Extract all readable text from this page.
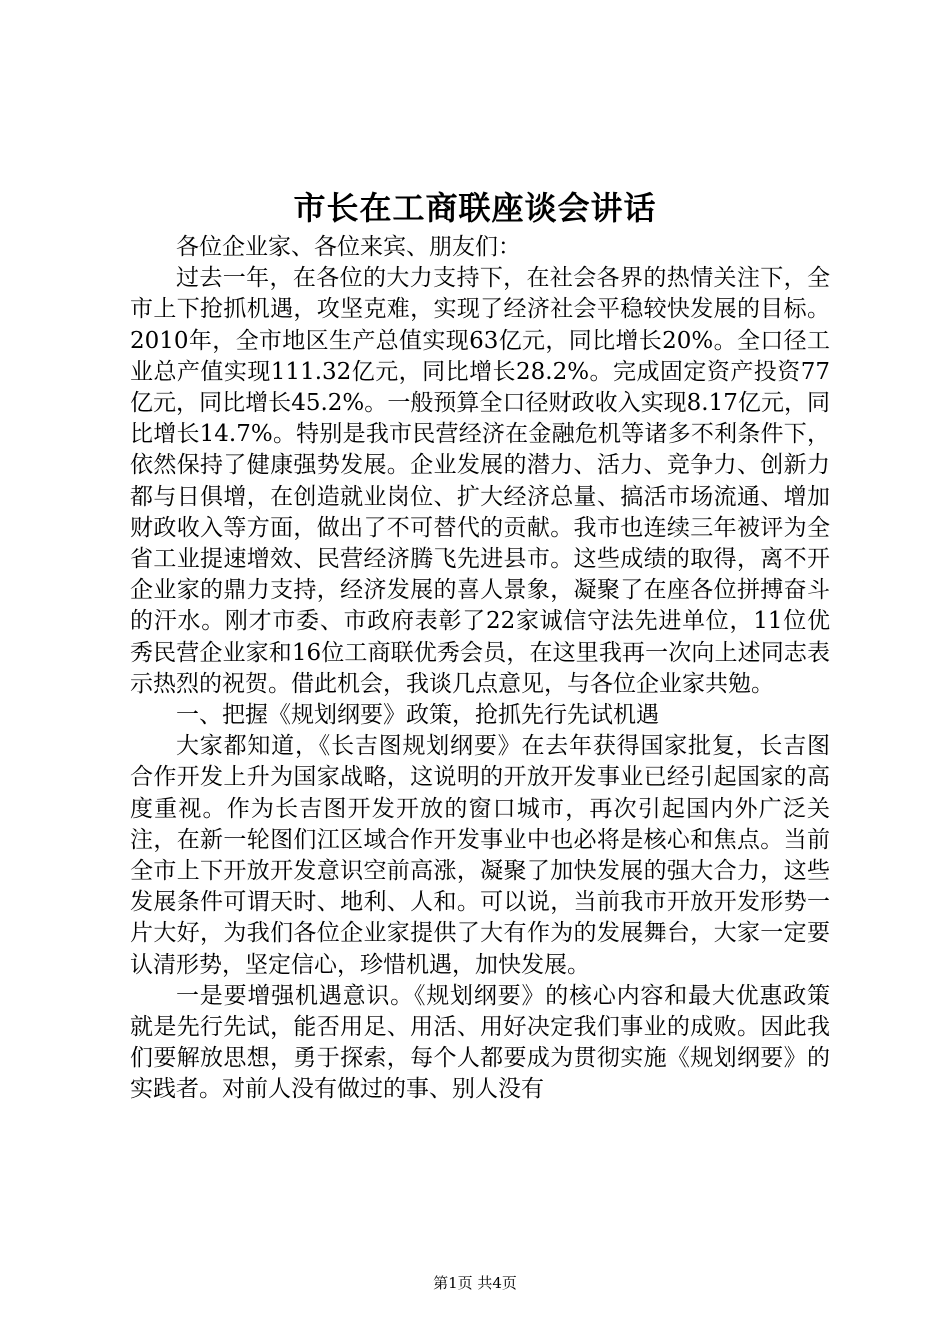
市长在工商联座谈会讲话

各位企业家、各位来宾、朋友们：

过去一年，在各位的大力支持下，在社会各界的热情关注下，全市上下抢抓机遇，攻坚克难，实现了经济社会平稳较快发展的目标。2010年，全市地区生产总值实现63亿元，同比增长20%。全口径工业总产值实现111.32亿元，同比增长28.2%。完成固定资产投资77亿元，同比增长45.2%。一般预算全口径财政收入实现8.17亿元，同比增长14.7%。特别是我市民营经济在金融危机等诸多不利条件下，依然保持了健康强势发展。企业发展的潜力、活力、竞争力、创新力都与日俱增，在创造就业岗位、扩大经济总量、搞活市场流通、增加财政收入等方面，做出了不可替代的贡献。我市也连续三年被评为全省工业提速增效、民营经济腾飞先进县市。这些成绩的取得，离不开企业家的鼎力支持，经济发展的喜人景象，凝聚了在座各位拼搏奋斗的汗水。刚才市委、市政府表彰了22家诚信守法先进单位，11位优秀民营企业家和16位工商联优秀会员，在这里我再一次向上述同志表示热烈的祝贺。借此机会，我谈几点意见，与各位企业家共勉。

一、把握《规划纲要》政策，抢抓先行先试机遇

大家都知道，《长吉图规划纲要》在去年获得国家批复，长吉图合作开发上升为国家战略，这说明的开放开发事业已经引起国家的高度重视。作为长吉图开发开放的窗口城市，再次引起国内外广泛关注，在新一轮图们江区域合作开发事业中也必将是核心和焦点。当前全市上下开放开发意识空前高涨，凝聚了加快发展的强大合力，这些发展条件可谓天时、地利、人和。可以说，当前我市开放开发形势一片大好，为我们各位企业家提供了大有作为的发展舞台，大家一定要认清形势，坚定信心，珍惜机遇，加快发展。

一是要增强机遇意识。《规划纲要》的核心内容和最大优惠政策就是先行先试，能否用足、用活、用好决定我们事业的成败。因此我们要解放思想，勇于探索，每个人都要成为贯彻实施《规划纲要》的实践者。对前人没有做过的事、别人没有

第1页 共4页
